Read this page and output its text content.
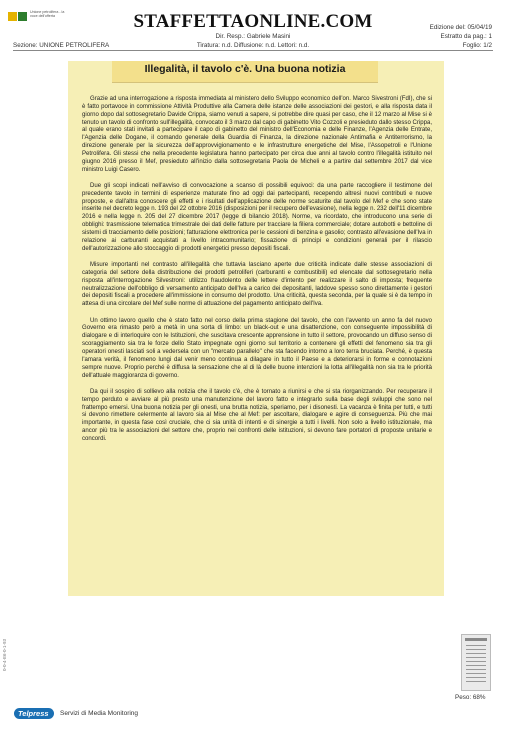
Unione petrolifera - la voce dell'offerta	STAFFETTAONLINE.COM
Dir. Resp.: Gabriele Masini
Tiratura: n.d. Diffusione: n.d. Lettori: n.d.
Edizione del: 05/04/19
Estratto da pag.: 1
Foglio: 1/2
Sezione: UNIONE PETROLIFERA
Illegalità, il tavolo c'è. Una buona notizia

Grazie ad una interrogazione a risposta immediata al ministero dello Sviluppo economico dell'on. Marco Sivestroni (FdI), che si è fatto portavoce in commissione Attività Produttive alla Camera delle istanze delle associazioni dei gestori, e alla risposta data il giorno dopo dal sottosegretario Davide Crippa, siamo venuti a sapere, si potrebbe dire quasi per caso, che il 12 marzo al Mise si è tenuto un tavolo di confronto sull'illegalità, convocato il 3 marzo dal capo di gabinetto Vito Cozzoli e presieduto dallo stesso Crippa, al quale erano stati invitati a partecipare il capo di gabinetto del ministro dell'Economia e delle Finanze, l'Agenzia delle Entrate, l'Agenzia delle Dogane, il comando generale della Guardia di Finanza, la direzione nazionale Antimafia e Antiterrorismo, la direzione generale per la sicurezza dell'approvvigionamento e le infrastrutture energetiche del Mise, l'Assopetroli e l'Unione Petrolifera. Gli stessi che nella precedente legislatura hanno partecipato per circa due anni al tavolo contro l'illegalità istituito nel giugno 2016 presso il Mef, presieduto all'inizio dalla sottosegretaria Paola de Micheli e a partire dal settembre 2017 dal vice ministro Luigi Casero.

Due gli scopi indicati nell'avviso di convocazione a scanso di possibili equivoci: da una parte raccogliere il testimone del precedente tavolo in termini di esperienze maturate fino ad oggi dai partecipanti, recependo altresì nuovi contributi e nuove proposte, e dall'altra conoscere gli effetti e i risultati dell'applicazione delle norme scaturite dal tavolo del Mef e che sono state inserite nel decreto legge n. 193 del 22 ottobre 2016 (disposizioni per il recupero dell'evasione), nella legge n. 232 dell'11 dicembre 2016 e nella legge n. 205 del 27 dicembre 2017 (legge di bilancio 2018). Norme, va ricordato, che introducono una serie di obblighi: trasmissione telematica trimestrale dei dati delle fatture per tracciare la filiera commerciale; dotare autobotti e bettoline di sistemi di tracciamento delle posizioni; fatturazione elettronica per le cessioni di benzina e gasolio; contrasto all'evasione dell'Iva in relazione ai carburanti acquistati a livello intracomunitario; fissazione di principi e condizioni generali per il rilascio dell'autorizzazione allo stoccaggio di prodotti energetici presso depositi fiscali.

Misure importanti nel contrasto all'illegalità che tuttavia lasciano aperte due criticità indicate dalle stesse associazioni di categoria del settore della distribuzione dei prodotti petroliferi (carburanti e combustibili) ed elencate dal sottosegretario nella risposta all'interrogazione Silvestroni: utilizzo fraudolento delle lettere d'intento per realizzare il salto di imposta; frequente neutralizzazione dell'obbligo di versamento anticipato dell'Iva a carico dei depositanti, laddove spesso sono direttamente i gestori dei depositi fiscali a procedere all'immissione in consumo del prodotto. Una criticità, questa seconda, per la quale si è da tempo in attesa di una circolare del Mef sulle norme di attuazione del pagamento anticipato dell'Iva.

Un ottimo lavoro quello che è stato fatto nel corso della prima stagione del tavolo, che con l'avvento un anno fa del nuovo Governo era rimasto però a metà in una sorta di limbo: un black-out e una disattenzione, con conseguente impossibilità di dialogare e di interloquire con le Istituzioni, che suscitava crescente apprensione in tutto il settore, provocando un diffuso senso di scoraggiamento sia tra le forze dello Stato impegnate ogni giorno sul territorio a contenere gli effetti del fenomeno sia tra gli operatori onesti lasciati soli a vedersela con un "mercato parallelo" che sta facendo intorno a loro terra bruciata. Perché, è questa l'amara verità, il fenomeno lungi dal venir meno continua a dilagare in tutto il Paese e a deteriorarsi in forme e connotazioni sempre nuove. Proprio perché è diffusa la sensazione che al di là delle buone intenzioni la lotta all'illegalità non sia tra le priorità dell'attuale maggioranza di governo.

Da qui il sospiro di sollievo alla notizia che il tavolo c'è, che è tornato a riunirsi e che si sta riorganizzando. Per recuperare il tempo perduto e avviare al più presto una manutenzione del lavoro fatto e integrarlo sulla base degli sviluppi che sono nel frattempo emersi. Una buona notizia per gli onesti, una brutta notizia, speriamo, per i disonesti. La vacanza è finita per tutti, e tutti si devono rimettere celermente al lavoro sia al Mise che al Mef: per ascoltare, dialogare e agire di conseguenza. Più che mai importante, in questa fase così cruciale, che ci sia unità di intenti e di sinergie a tutti i livelli. Non solo a livello istituzionale, ma ancor più tra le associazioni del settore che, proprio nei confronti delle istituzioni, si devono fare portatori di proposte unitarie e concordi.

Peso: 68%
0-0-4-E6-0-1-93
Telpress Servizi di Media Monitoring
